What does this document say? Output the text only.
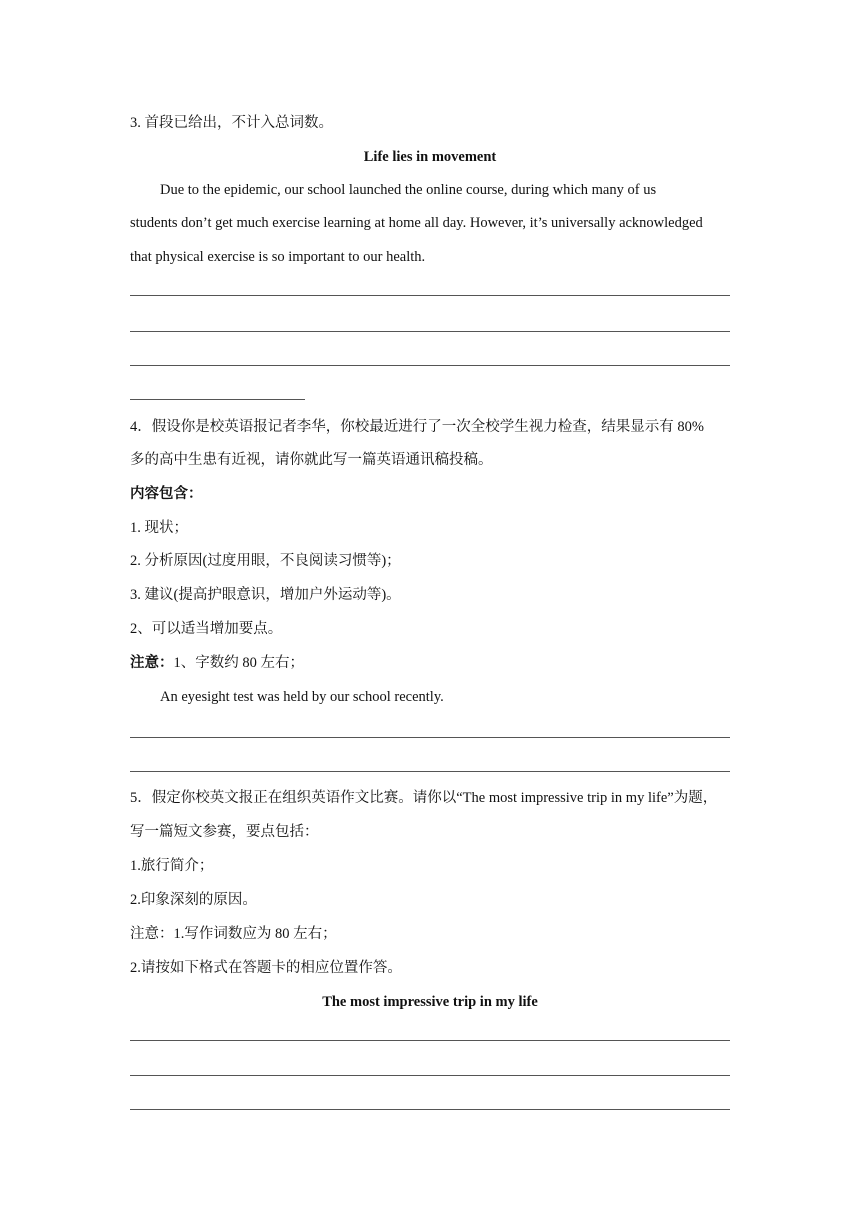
3. 首段已给出，不计入总词数。
Life lies in movement
Due to the epidemic, our school launched the online course, during which many of us
students don’t get much exercise learning at home all day. However, it’s universally acknowledged
that physical exercise is so important to our health.
4．假设你是校英语报记者李华，你校最近进行了一次全校学生视力检查，结果显示有 80%
多的高中生患有近视，请你就此写一篇英语通讯稿投稿。
内容包含：
1. 现状；
2. 分析原因(过度用眼，不良阅读习惯等)；
3. 建议(提高护眼意识，增加户外运动等)。
2、可以适当增加要点。
注意：1、字数约 80 左右；
An eyesight test was held by our school recently.
5．假定你校英文报正在组织英语作文比赛。请你以“The most impressive trip in my life”为题，
写一篇短文参赛，要点包括：
1.旅行简介；
2.印象深刻的原因。
注意：1.写作词数应为 80 左右；
2.请按如下格式在答题卡的相应位置作答。
The most impressive trip in my life
